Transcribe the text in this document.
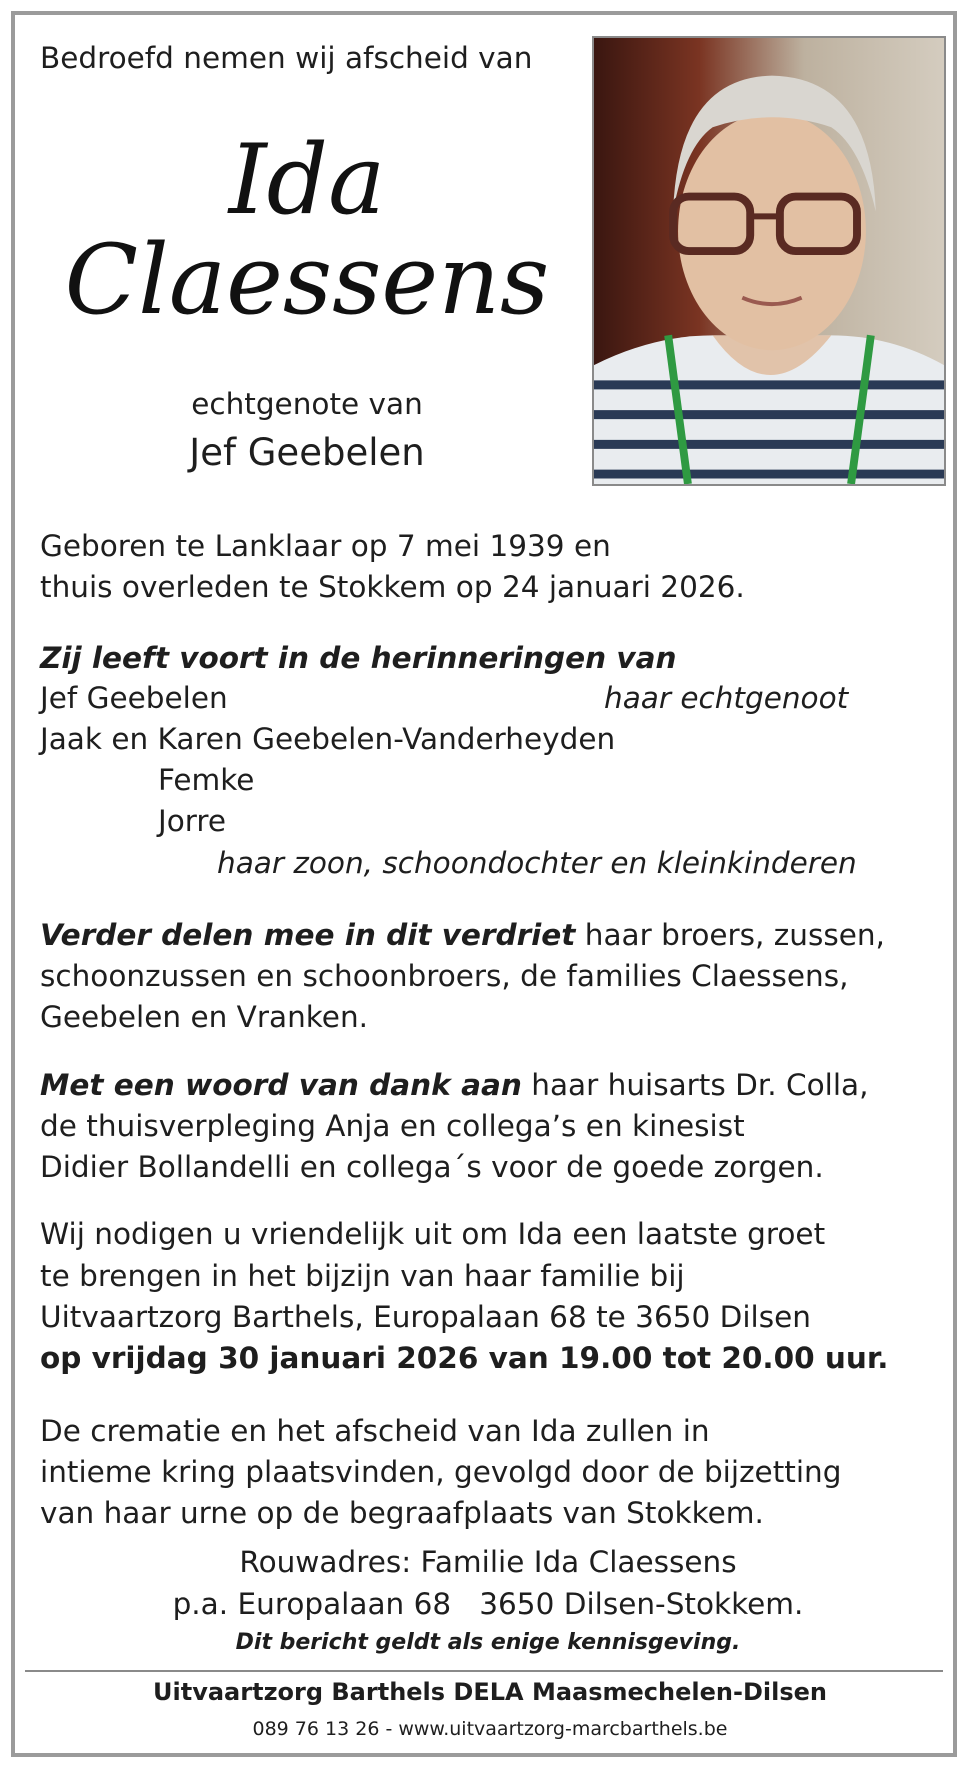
Bedroefd nemen wij afscheid van
Ida
Claessens
echtgenote van
Jef Geebelen
Geboren te Lanklaar op 7 mei 1939 en
thuis overleden te Stokkem op 24 januari 2026.
Zij leeft voort in de herinneringen van
Jef Geebelen	haar echtgenoot
Jaak en Karen Geebelen-Vanderheyden
Femke
Jorre
haar zoon, schoondochter en kleinkinderen
Verder delen mee in dit verdriet haar broers, zussen,
schoonzussen en schoonbroers, de families Claessens,
Geebelen en Vranken.
Met een woord van dank aan haar huisarts Dr. Colla,
de thuisverpleging Anja en collega’s en kinesist
Didier Bollandelli en collega´s voor de goede zorgen.
Wij nodigen u vriendelijk uit om Ida een laatste groet
te brengen in het bijzijn van haar familie bij
Uitvaartzorg Barthels, Europalaan 68 te 3650 Dilsen
op vrijdag 30 januari 2026 van 19.00 tot 20.00 uur.
De crematie en het afscheid van Ida zullen in
intieme kring plaatsvinden, gevolgd door de bijzetting
van haar urne op de begraafplaats van Stokkem.
Rouwadres: Familie Ida Claessens
p.a. Europalaan 68   3650 Dilsen-Stokkem.
Dit bericht geldt als enige kennisgeving.
Uitvaartzorg Barthels DELA Maasmechelen-Dilsen
089 76 13 26 - www.uitvaartzorg-marcbarthels.be
